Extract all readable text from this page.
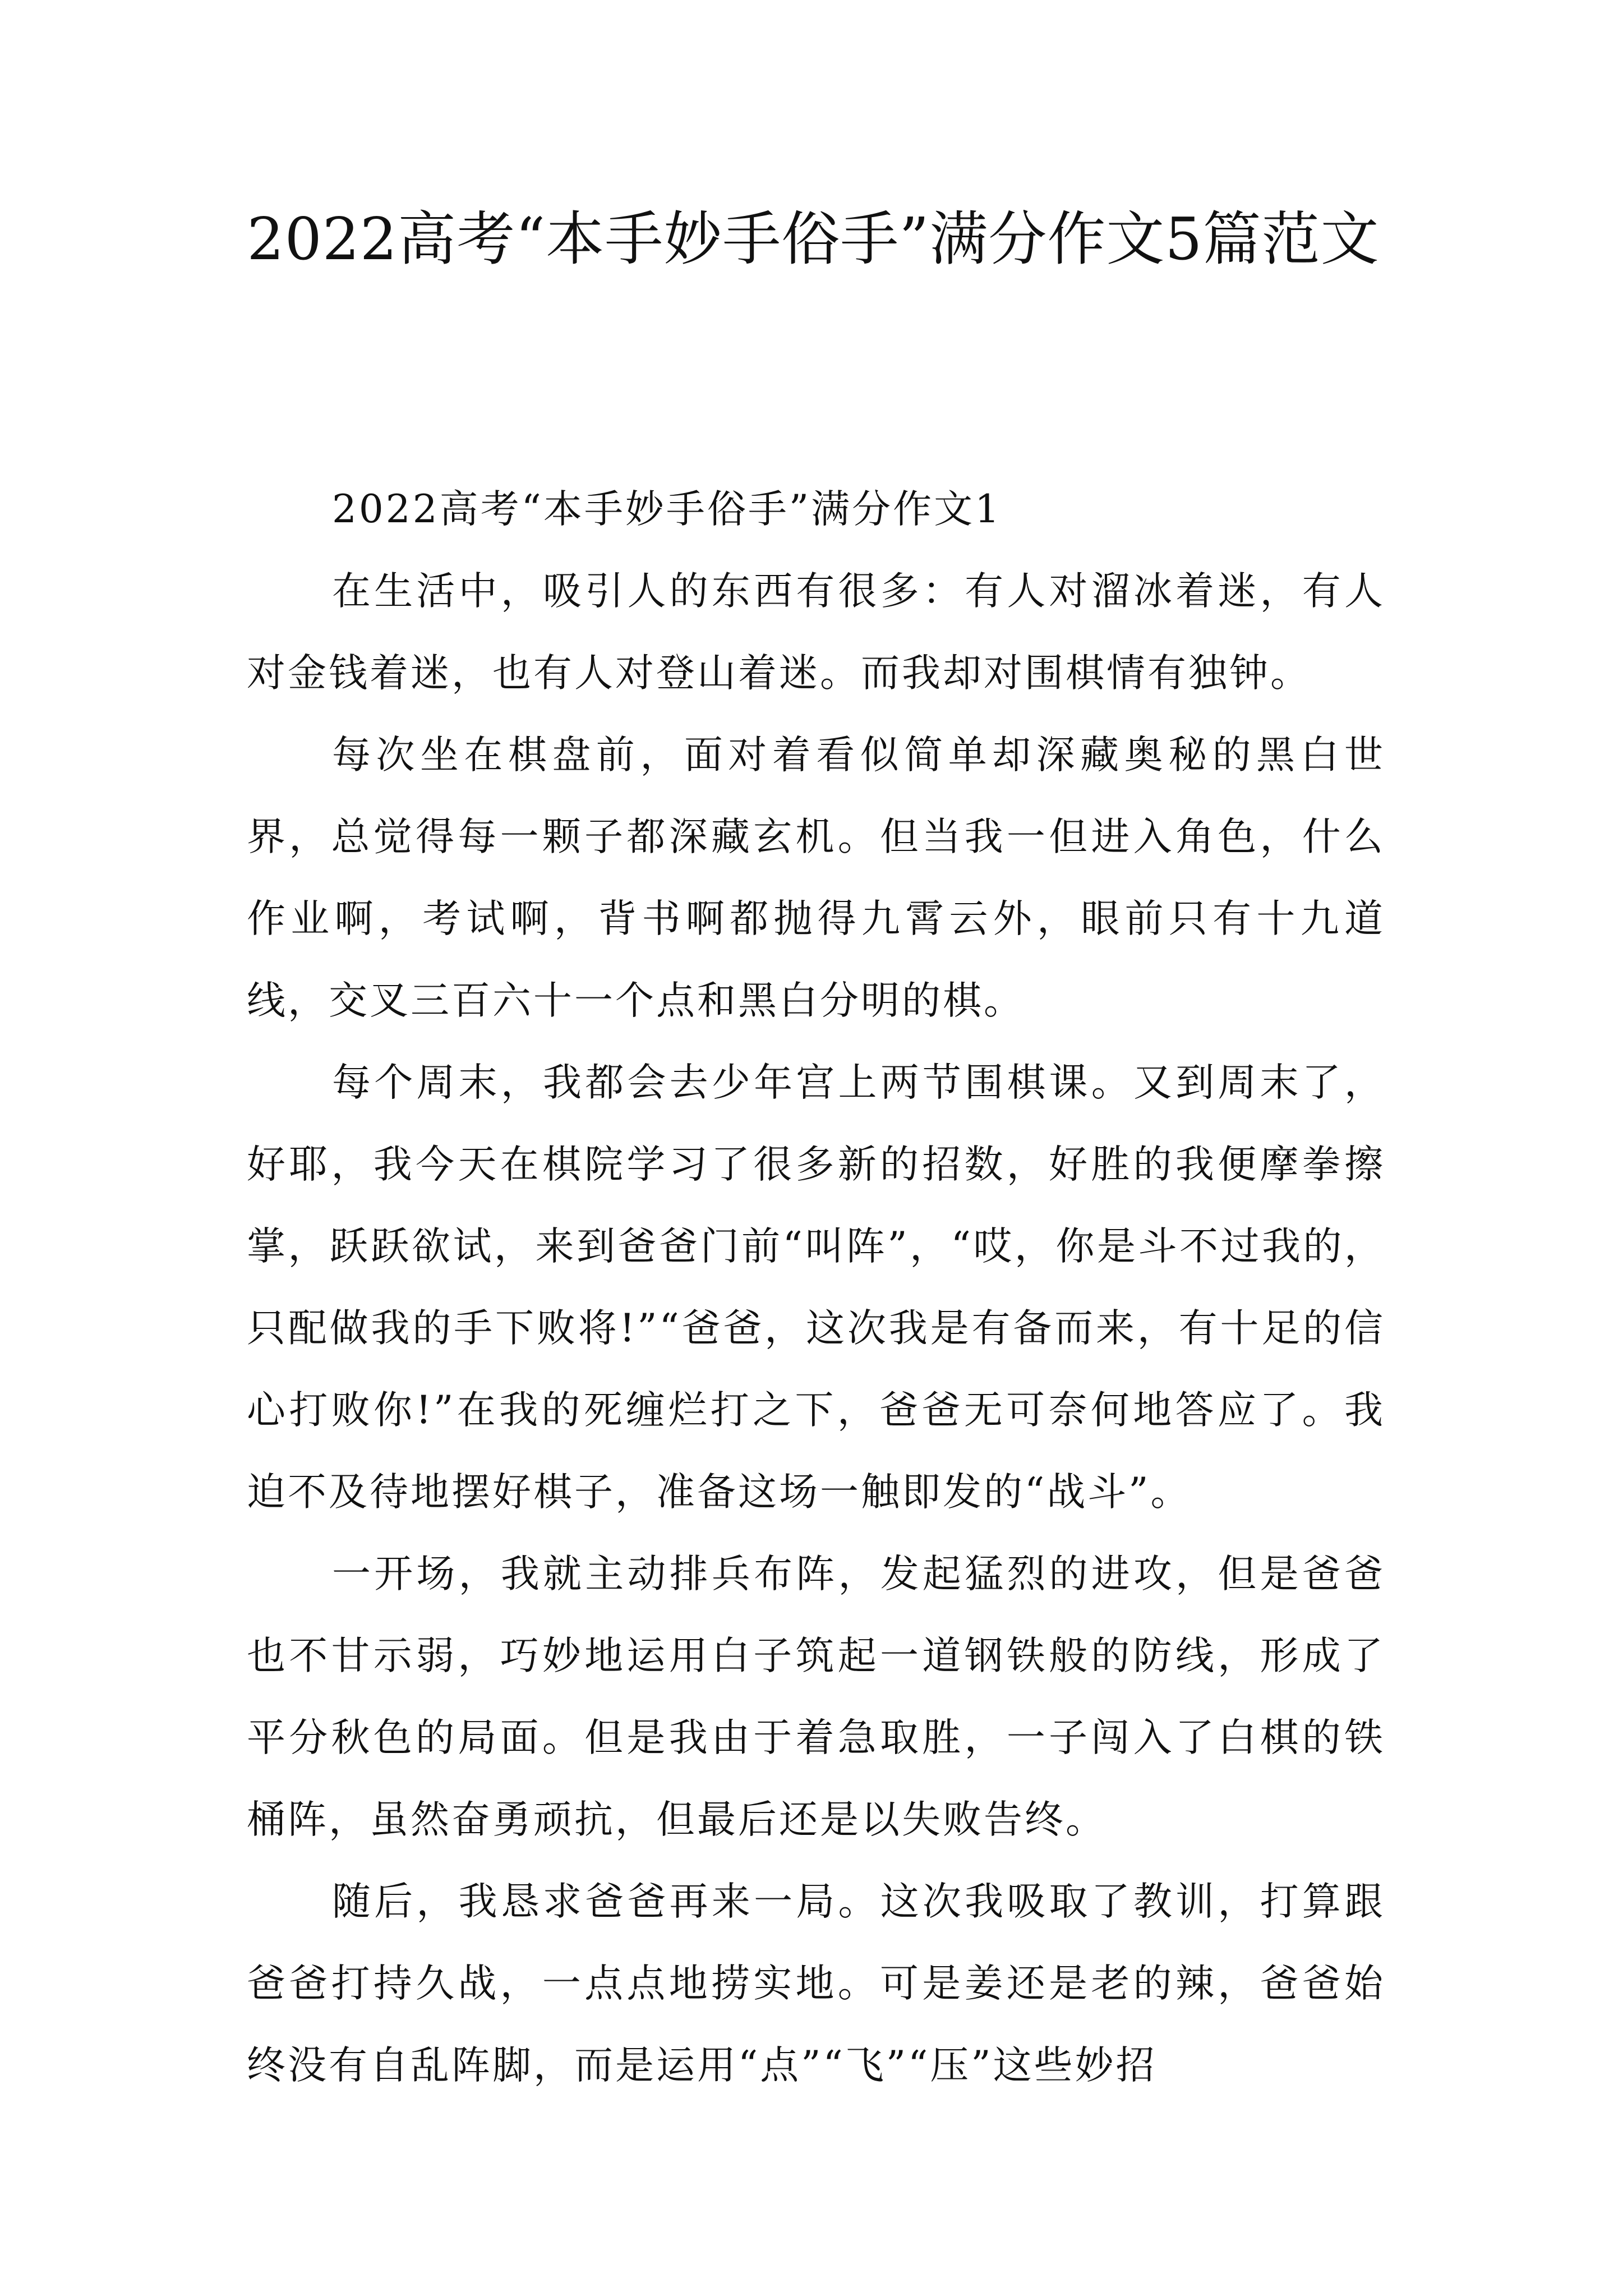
2022高考“本手妙手俗手”满分作文5篇范文

2022高考“本手妙手俗手”满分作文1

在生活中，吸引人的东西有很多：有人对溜冰着迷，有人对金钱着迷，也有人对登山着迷。而我却对围棋情有独钟。

每次坐在棋盘前，面对着看似简单却深藏奥秘的黑白世界，总觉得每一颗子都深藏玄机。但当我一但进入角色，什么作业啊，考试啊，背书啊都抛得九霄云外，眼前只有十九道线，交叉三百六十一个点和黑白分明的棋。

每个周末，我都会去少年宫上两节围棋课。又到周末了，好耶，我今天在棋院学习了很多新的招数，好胜的我便摩拳擦掌，跃跃欲试，来到爸爸门前“叫阵”，“哎，你是斗不过我的，只配做我的手下败将!”“爸爸，这次我是有备而来，有十足的信心打败你!”在我的死缠烂打之下，爸爸无可奈何地答应了。我迫不及待地摆好棋子，准备这场一触即发的“战斗”。

一开场，我就主动排兵布阵，发起猛烈的进攻，但是爸爸也不甘示弱，巧妙地运用白子筑起一道钢铁般的防线，形成了平分秋色的局面。但是我由于着急取胜，一子闯入了白棋的铁桶阵，虽然奋勇顽抗，但最后还是以失败告终。

随后，我恳求爸爸再来一局。这次我吸取了教训，打算跟爸爸打持久战，一点点地捞实地。可是姜还是老的辣，爸爸始终没有自乱阵脚，而是运用“点”“飞”“压”这些妙招
